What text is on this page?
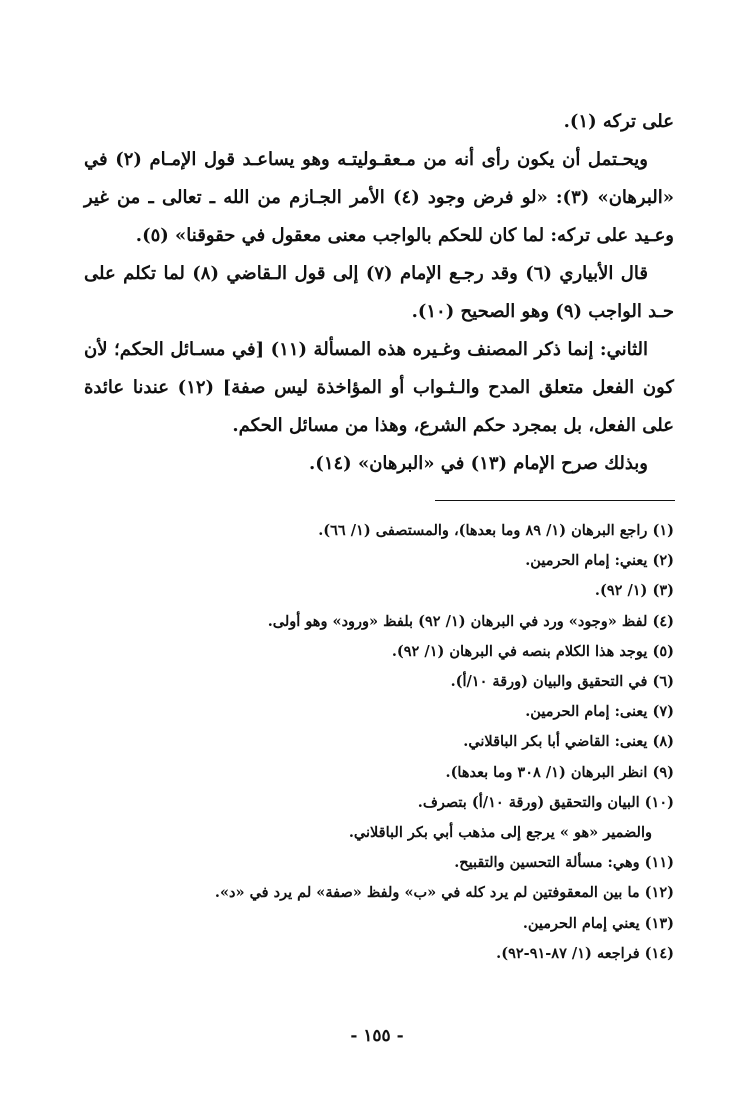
على تركه (١).

ويحـتمل أن يكون رأى أنه من مـعقـوليتـه وهو يساعـد قول الإمـام (٢) في «البرهان» (٣): «لو فرض وجود (٤) الأمر الجـازم من الله ـ تعالى ـ من غير وعـيد على تركه: لما كان للحكم بالواجب معنى معقول في حقوقنا» (٥).

قال الأبياري (٦) وقد رجـع الإمام (٧) إلى قول الـقاضي (٨) لما تكلم على حـد الواجب (٩) وهو الصحيح (١٠).

الثاني: إنما ذكر المصنف وغـيره هذه المسألة (١١) [في مسـائل الحكم؛ لأن كون الفعل متعلق المدح والـثـواب أو المؤاخذة ليس صفة] (١٢) عندنا عائدة على الفعل، بل بمجرد حكم الشرع، وهذا من مسائل الحكم.

وبذلك صرح الإمام (١٣) في «البرهان» (١٤).

(١) راجع البرهان (١/ ٨٩ وما بعدها)، والمستصفى (١/ ٦٦).

(٢) يعني: إمام الحرمين.

(٣) (١/ ٩٢).

(٤) لفظ «وجود» ورد في البرهان (١/ ٩٢) بلفظ «ورود» وهو أولى.

(٥) يوجد هذا الكلام بنصه في البرهان (١/ ٩٢).

(٦) في التحقيق والبيان (ورقة ١٠/أ).

(٧) يعنى: إمام الحرمين.

(٨) يعنى: القاضي أبا بكر الباقلاني.

(٩) انظر البرهان (١/ ٣٠٨ وما بعدها).

(١٠) البيان والتحقيق (ورقة ١٠/أ) بتصرف.

والضمير «هو » يرجع إلى مذهب أبي بكر الباقلاني.

(١١) وهي: مسألة التحسين والتقبيح.

(١٢) ما بين المعقوفتين لم يرد كله في «ب» ولفظ «صفة» لم يرد في «د».

(١٣) يعني إمام الحرمين.

(١٤) فراجعه (١/ ٨٧-٩١-٩٢).

- ١٥٥ -
